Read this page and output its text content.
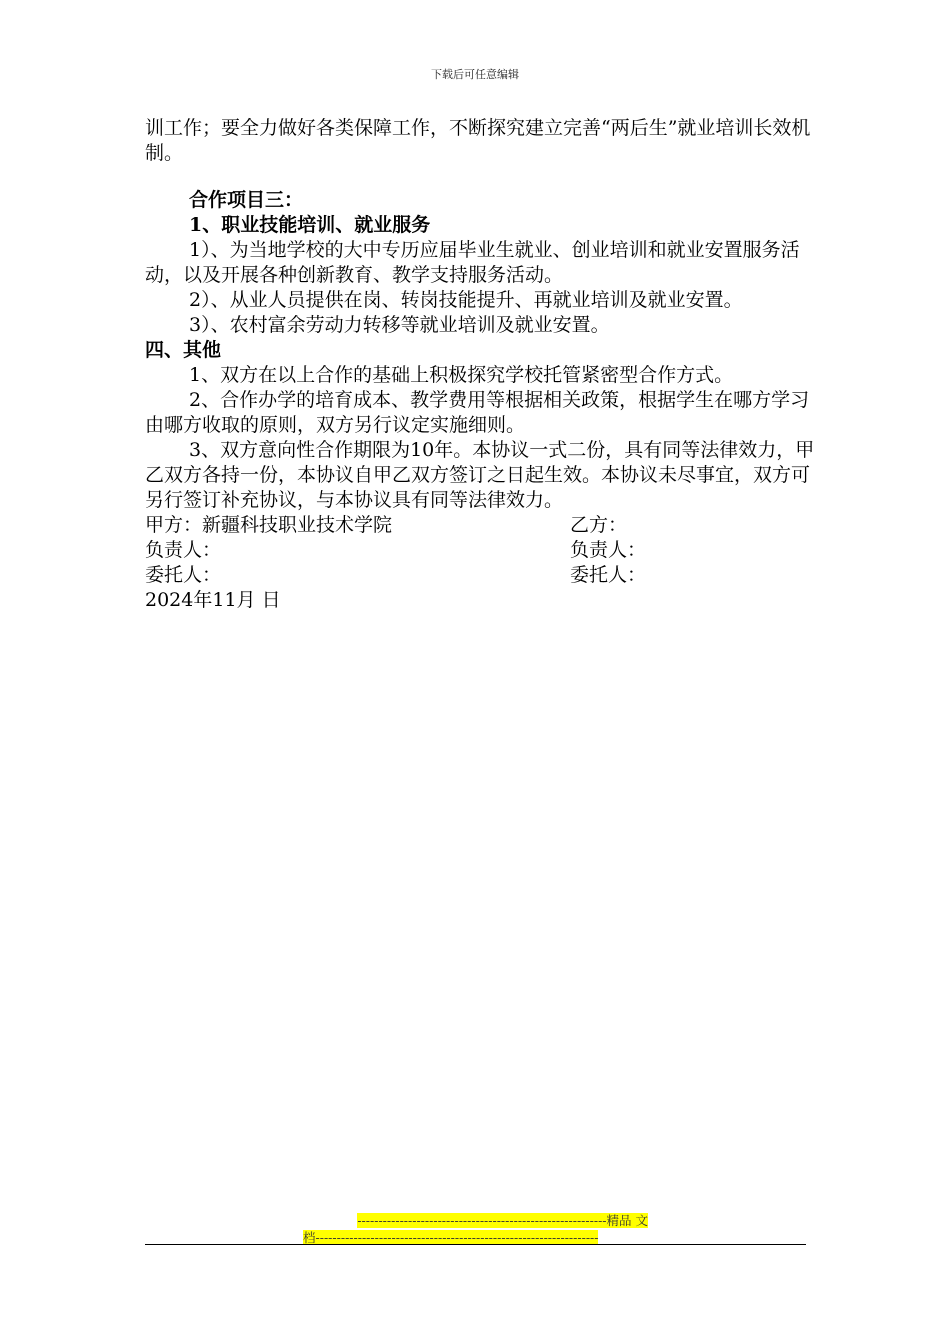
下载后可任意编辑

训工作；要全力做好各类保障工作，不断探究建立完善“两后生”就业培训长效机制。

合作项目三：

1、职业技能培训、就业服务

1）、为当地学校的大中专历应届毕业生就业、创业培训和就业安置服务活动，以及开展各种创新教育、教学支持服务活动。

2）、从业人员提供在岗、转岗技能提升、再就业培训及就业安置。

3）、农村富余劳动力转移等就业培训及就业安置。

四、其他

1、双方在以上合作的基础上积极探究学校托管紧密型合作方式。

2、合作办学的培育成本、教学费用等根据相关政策，根据学生在哪方学习由哪方收取的原则，双方另行议定实施细则。

3、双方意向性合作期限为10年。本协议一式二份，具有同等法律效力，甲乙双方各持一份，本协议自甲乙双方签订之日起生效。本协议未尽事宜，双方可另行签订补充协议，与本协议具有同等法律效力。

甲方：新疆科技职业技术学院	乙方：
负责人：	负责人：
委托人：	委托人：

2024年11月 日

-----------------------------------------------------------精品 文
档-------------------------------------------------------------------
